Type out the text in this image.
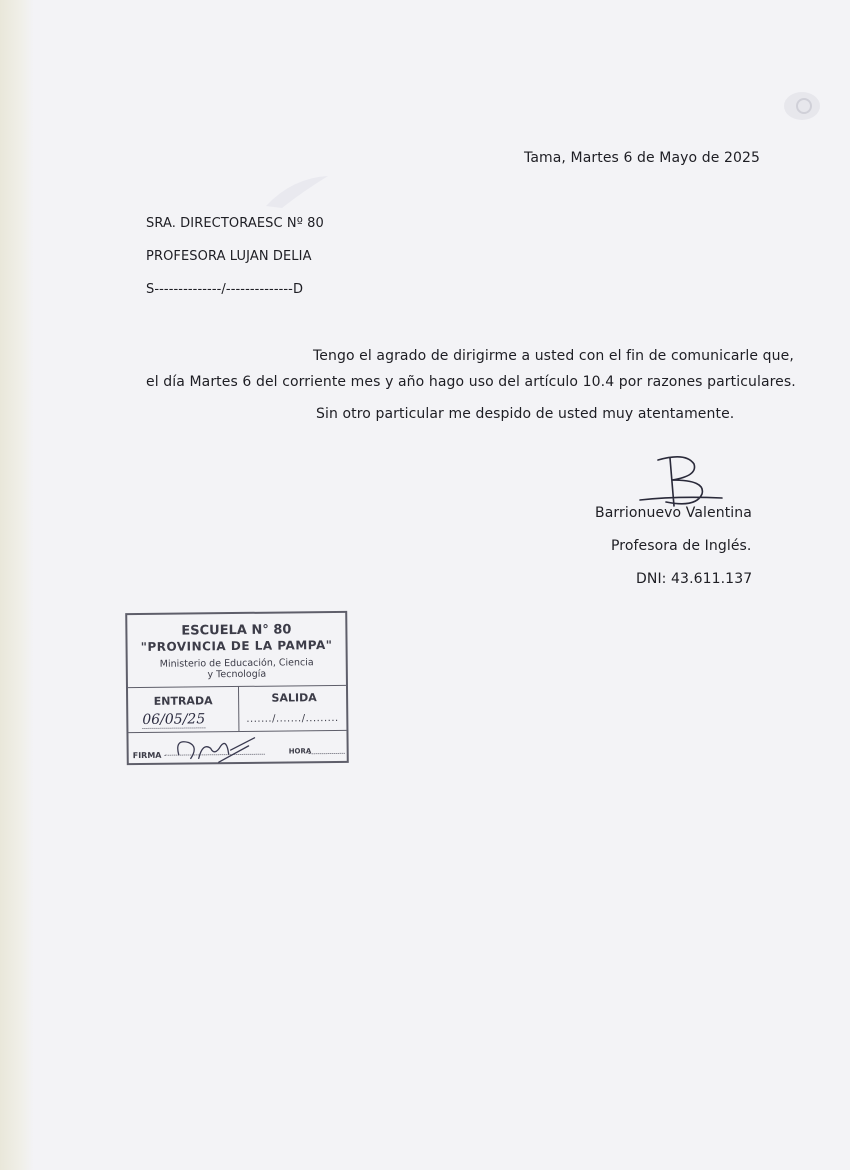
Tama, Martes 6 de Mayo de 2025
SRA. DIRECTORAESC Nº 80
PROFESORA LUJAN DELIA
S--------------/--------------D
Tengo el agrado de dirigirme a usted con el fin de comunicarle que,
el día Martes 6 del corriente mes y año hago uso del artículo 10.4 por razones particulares.
Sin otro particular me despido de usted muy atentamente.
Barrionuevo Valentina
Profesora de Inglés.
DNI: 43.611.137
ESCUELA N° 80
"PROVINCIA DE LA PAMPA"
Ministerio de Educación, Ciencia
y Tecnología
ENTRADA	SALIDA
06/05/25	......./......./.........
FIRMA	HORA
